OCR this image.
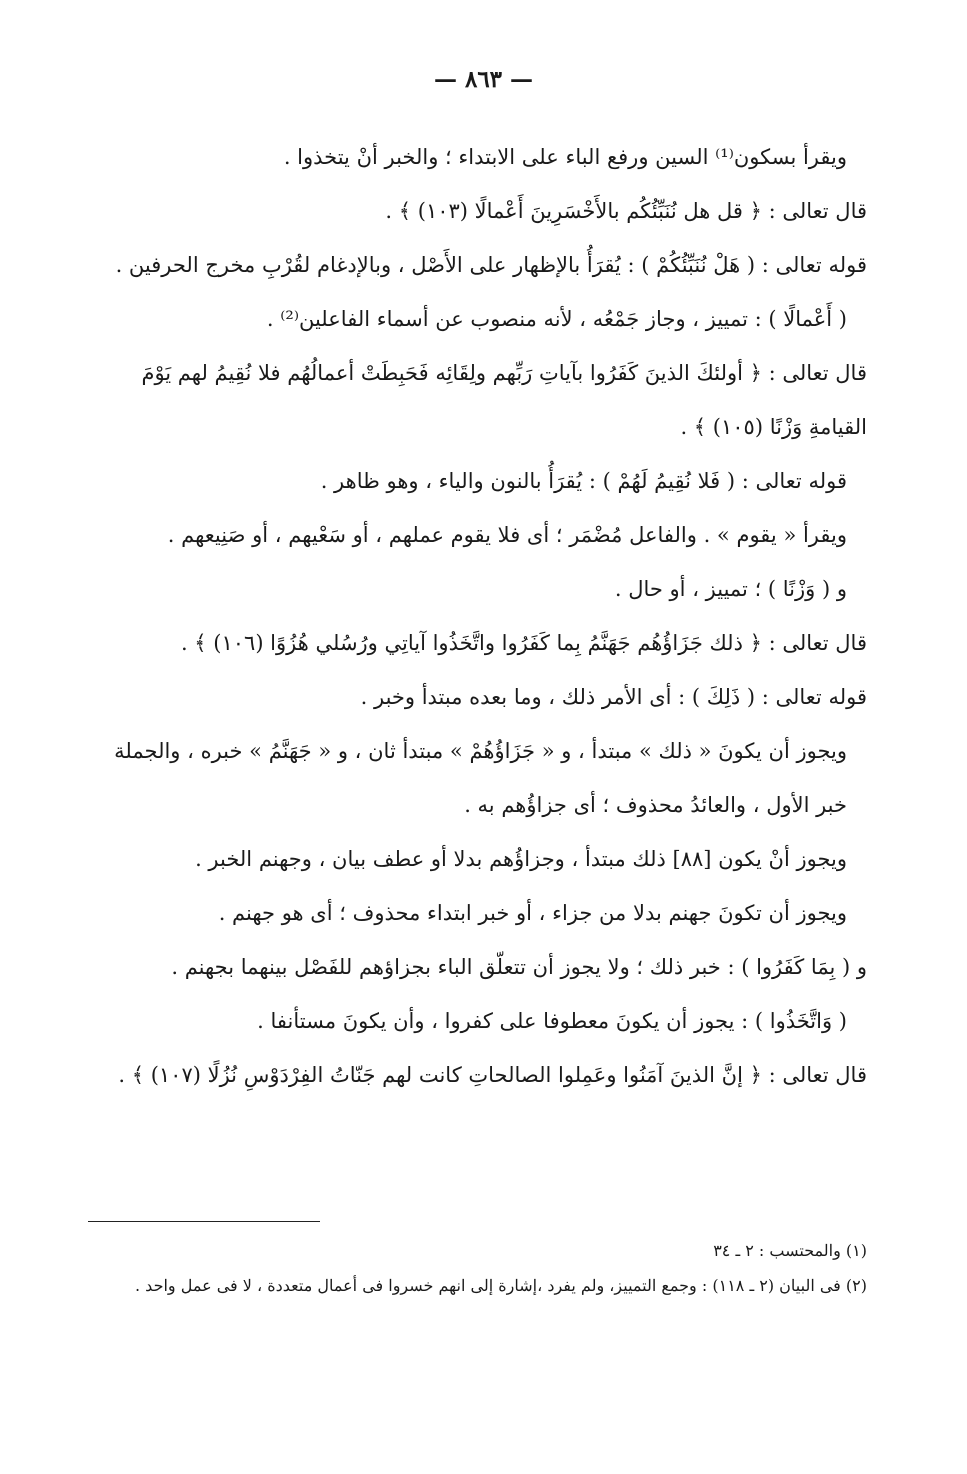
— ٨٦٣ —

ويقرأ بسكون⁽¹⁾ السين ورفع الباء على الابتداء ؛ والخبر أنْ يتخذوا .

قال تعالى : ﴿ قل هل نُنَبِّئُكُم بالأَخْسَرِينَ أَعْمالًا (١٠٣) ﴾ .

قوله تعالى : ( هَلْ نُنَبِّئُكُمْ ) : يُقرَأُ بالإظهار على الأَصْل ، وبالإدغام لقُرْبِ مخرج الحرفين .

( أَعْمالًا ) : تمييز ، وجاز جَمْعُه ، لأنه منصوب عن أسماء الفاعلين⁽²⁾ .

قال تعالى : ﴿ أولئكَ الذينَ كَفَرُوا بآياتِ رَبِّهم ولِقَائِه فَحَبِطَتْ أعمالُهُم فلا نُقِيمُ لهم يَوْمَ القيامةِ وَزْنًا (١٠٥) ﴾ .

قوله تعالى : ( فَلا نُقِيمُ لَهُمْ ) : يُقرَأُ بالنون والياء ، وهو ظاهر .

ويقرأ « يقوم » . والفاعل مُضْمَر ؛ أى فلا يقوم عملهم ، أو سَعْيهم ، أو صَنِيعهم .

و ( وَزْنًا ) ؛ تمييز ، أو حال .

قال تعالى : ﴿ ذلك جَزَاؤُهُم جَهَنَّمُ بِما كَفَرُوا واتَّخَذُوا آياتِي ورُسُلي هُزُوًا (١٠٦) ﴾ .

قوله تعالى : ( ذَلِكَ ) : أى الأمر ذلك ، وما بعده مبتدأ وخبر .

ويجوز أن يكونَ « ذلك » مبتدأ ، و « جَزَاؤُهُمْ » مبتدأ ثان ، و « جَهَنَّمُ » خبره ، والجملة خبر الأول ، والعائدُ محذوف ؛ أى جزاؤُهم به .

ويجوز أنْ يكون [٨٨] ذلك مبتدأ ، وجزاؤُهم بدلا أو عطف بيان ، وجهنم الخبر .

ويجوز أن تكونَ جهنم بدلا من جزاء ، أو خبر ابتداء محذوف ؛ أى هو جهنم .

و ( بِمَا كَفَرُوا ) : خبر ذلك ؛ ولا يجوز أن تتعلّق الباء بجزاؤهم للفَصْل بينهما بجهنم .

( وَاتَّخَذُوا ) : يجوز أن يكونَ معطوفا على كفروا ، وأن يكونَ مستأنفا .

قال تعالى : ﴿ إنَّ الذينَ آمَنُوا وعَمِلوا الصالحاتِ كانت لهم جَنّاتُ الفِرْدَوْسِ نُزُلًا (١٠٧) ﴾ .

(١) والمحتسب : ٢ ـ ٣٤

(٢) فى البيان (٢ ـ ١١٨) : وجمع التمييز، ولم يفرد ،إشارة إلى انهم خسروا فى أعمال متعددة ، لا فى عمل واحد .
